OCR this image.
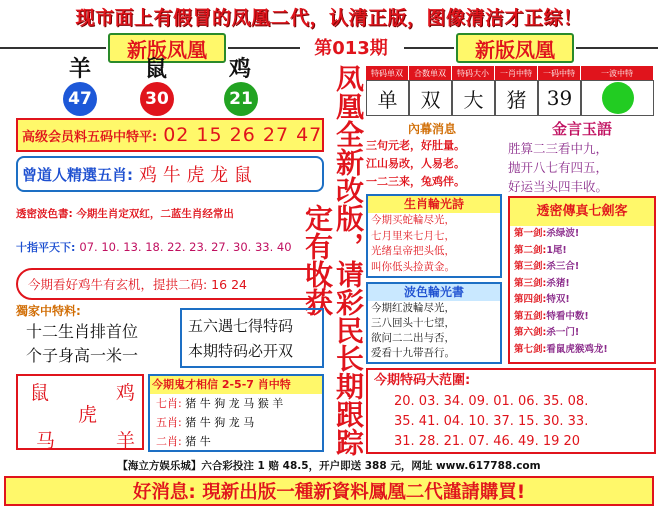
现市面上有假冒的凤凰二代，认清正版，图像清洁才正综！
新版凤凰	第013期	新版凤凰
羊	鼠	鸡
47	30	21	凤凰全新改版，请彩民长期跟踪定有收获
特码单双	合数单双	特码大小	一肖中特	一码中特	一波中特
单	双	大	猪	39
高级会员料五码中特平: 02 15 26 27 47
曾道人精選五肖: 鸡 牛 虎 龙 鼠
透密波色書: 今期生肖定双红，二蓝生肖经常出
十指平天下: 07. 10. 13. 18. 22. 23. 27. 30. 33. 40
今期看好鸡牛有玄机，提拱二码: 16 24
獨家中特料:
十二生肖排首位
个子身高一米一
五六遇七得特码
本期特码必开双
鼠	鸡
虎
马	羊
今期鬼才相信 2-5-7 肖中特
七肖: 猪 牛 狗 龙 马 猴 羊
五肖: 猪 牛 狗 龙 马
二肖: 猪 牛
內幕消息
三句元老，好肚量。
江山易改，人易老。
一二三来，兔鸡伴。
金言玉語
胜算二三看中九，
抛开八七有四五，
好运当头四丰收。
生肖輪光詩
今期买蛇輪尽光，
七月里来七月七，
光绪皇帝把头低，
叫你低头捡黄金。
波色輪光書
今期红波輪尽光，
三八回头十七望，
欲问二二出与否，
爱看十九带吾行。
透密傳真七劍客
第一剑:杀绿波!
第二剑:1尾!
第三剑:杀三合!
第三剑:杀猪!
第四剑:特双!
第五剑:特看中数!
第六剑:杀一门!
第七剑:看鼠虎猴鸡龙!
今期特码大范圍:
20. 03. 34. 09. 01. 06. 35. 08.
35. 41. 04. 10. 37. 15. 30. 33.
31. 28. 21. 07. 46. 49. 19 20
【海立方娱乐城】六合彩投注 1 赔 48.5，开户即送 388 元，网址 www.617788.com
好消息: 現新出版一種新資料鳳凰二代謹請購買!
